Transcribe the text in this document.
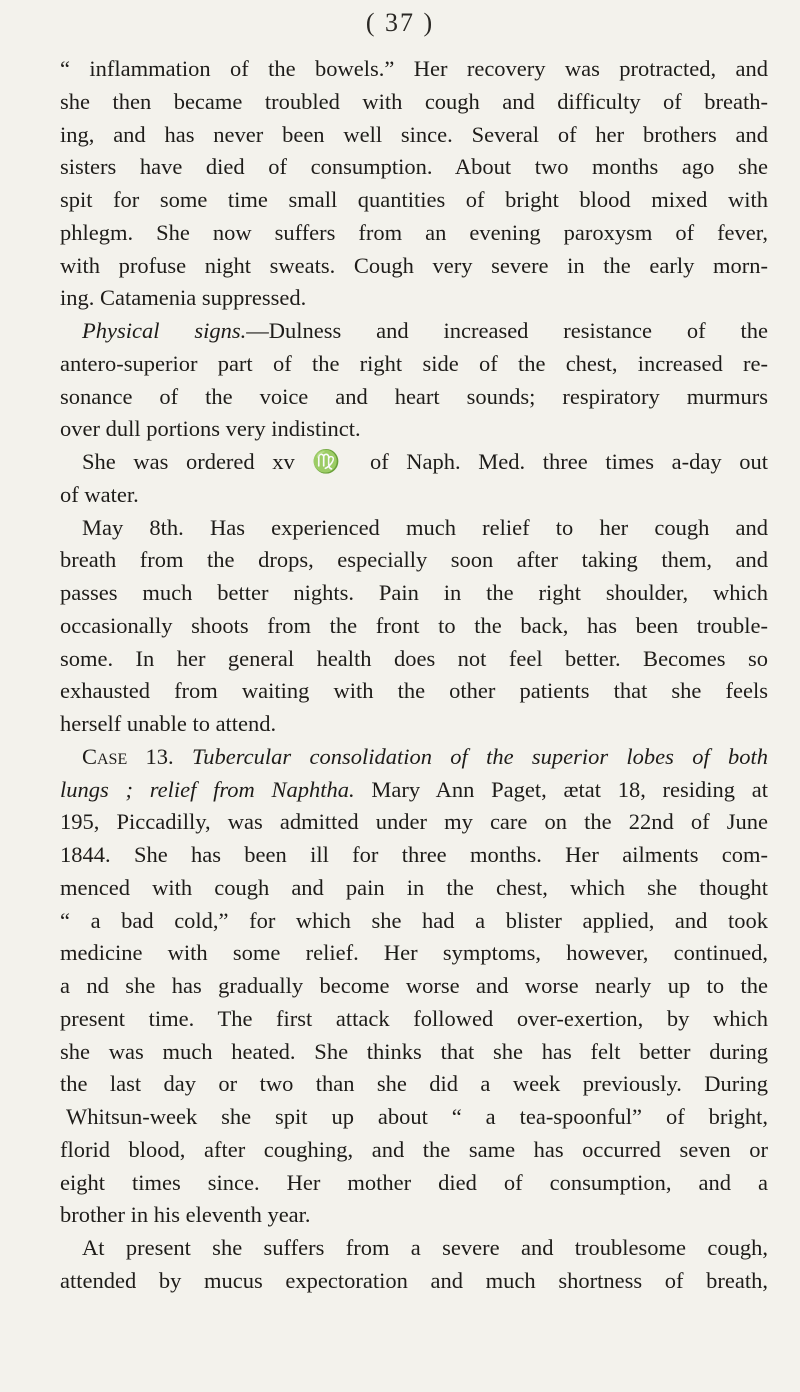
( 37 )
“ inflammation of the bowels.” Her recovery was protracted, and
she then became troubled with cough and difficulty of breath-
ing, and has never been well since. Several of her brothers and
sisters have died of consumption. About two months ago she
spit for some time small quantities of bright blood mixed with
phlegm. She now suffers from an evening paroxysm of fever,
with profuse night sweats. Cough very severe in the early morn-
ing. Catamenia suppressed.
Physical signs.—Dulness and increased resistance of the
antero-superior part of the right side of the chest, increased re-
sonance of the voice and heart sounds; respiratory murmurs
over dull portions very indistinct.
She was ordered xv ♍ of Naph. Med. three times a-day out
of water.
May 8th. Has experienced much relief to her cough and
breath from the drops, especially soon after taking them, and
passes much better nights. Pain in the right shoulder, which
occasionally shoots from the front to the back, has been trouble-
some. In her general health does not feel better. Becomes so
exhausted from waiting with the other patients that she feels
herself unable to attend.
Case 13. Tubercular consolidation of the superior lobes of both
lungs ; relief from Naphtha. Mary Ann Paget, ætat 18, residing at
195, Piccadilly, was admitted under my care on the 22nd of June
1844. She has been ill for three months. Her ailments com-
menced with cough and pain in the chest, which she thought
“ a bad cold,” for which she had a blister applied, and took
medicine with some relief. Her symptoms, however, continued,
a nd she has gradually become worse and worse nearly up to the
present time. The first attack followed over-exertion, by which
she was much heated. She thinks that she has felt better during
the last day or two than she did a week previously. During
Whitsun-week she spit up about “ a tea-spoonful” of bright,
florid blood, after coughing, and the same has occurred seven or
eight times since. Her mother died of consumption, and a
brother in his eleventh year.
At present she suffers from a severe and troublesome cough,
attended by mucus expectoration and much shortness of breath,
